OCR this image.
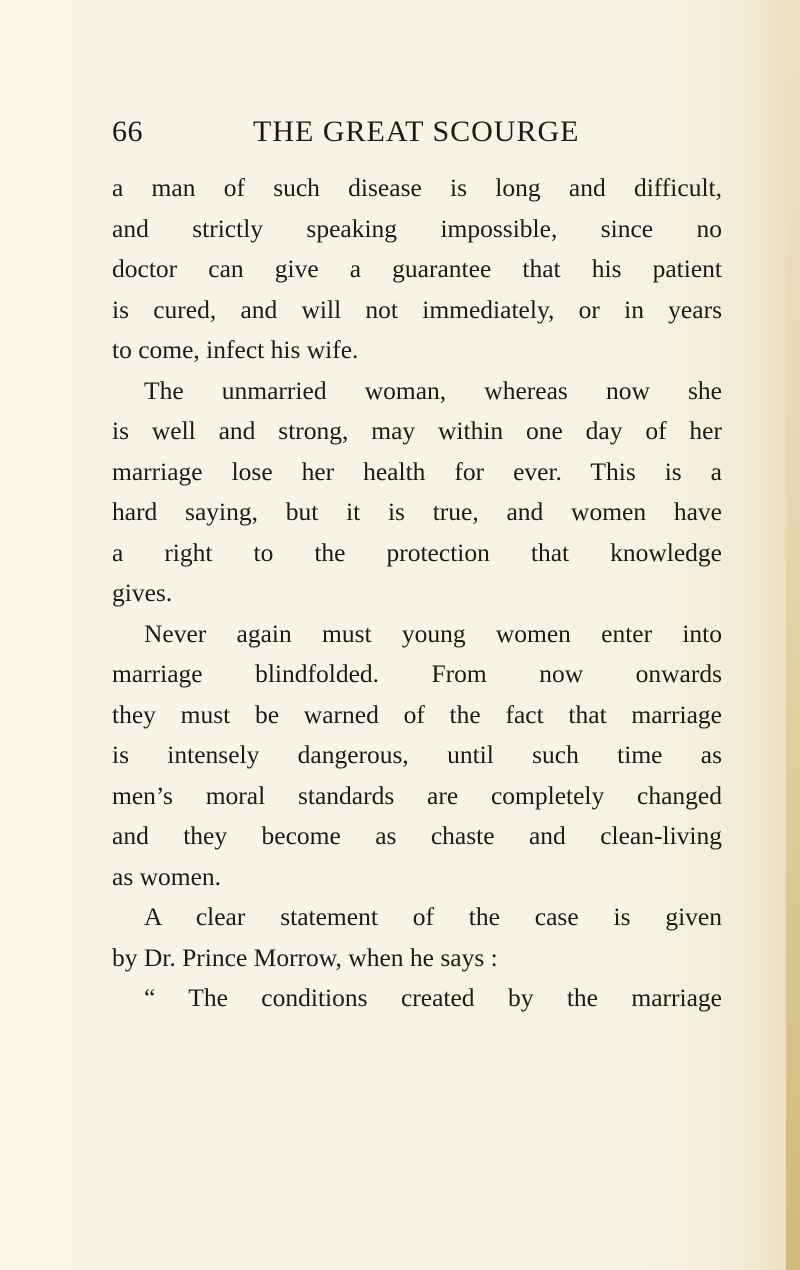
66	THE GREAT SCOURGE
a man of such disease is long and difficult,
and strictly speaking impossible, since no
doctor can give a guarantee that his patient
is cured, and will not immediately, or in years
to come, infect his wife.
The unmarried woman, whereas now she
is well and strong, may within one day of her
marriage lose her health for ever. This is a
hard saying, but it is true, and women have
a right to the protection that knowledge
gives.
Never again must young women enter into
marriage blindfolded. From now onwards
they must be warned of the fact that marriage
is intensely dangerous, until such time as
men’s moral standards are completely changed
and they become as chaste and clean-living
as women.
A clear statement of the case is given
by Dr. Prince Morrow, when he says :
“ The conditions created by the marriage
